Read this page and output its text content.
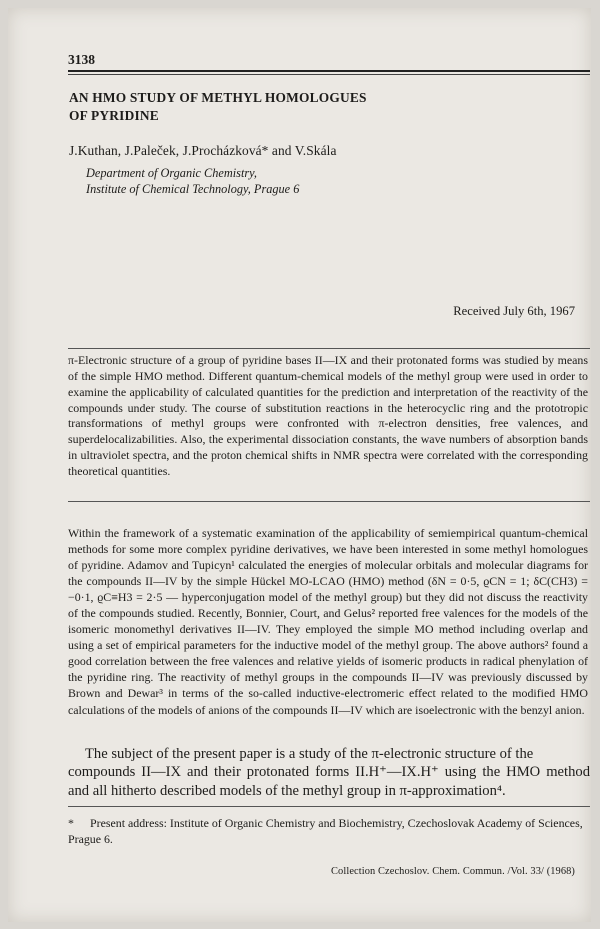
3138
AN HMO STUDY OF METHYL HOMOLOGUES
OF PYRIDINE
J.Kuthan, J.Paleček, J.Procházková* and V.Skála
Department of Organic Chemistry,
Institute of Chemical Technology, Prague 6
Received July 6th, 1967

π-Electronic structure of a group of pyridine bases II—IX and their protonated forms was studied by means of the simple HMO method. Different quantum-chemical models of the methyl group were used in order to examine the applicability of calculated quantities for the prediction and interpretation of the reactivity of the compounds under study. The course of substitution reactions in the heterocyclic ring and the prototropic transformations of methyl groups were confronted with π-electron densities, free valences, and superdelocalizabilities. Also, the experimental dissociation constants, the wave numbers of absorption bands in ultraviolet spectra, and the proton chemical shifts in NMR spectra were correlated with the corresponding theoretical quantities.

Within the framework of a systematic examination of the applicability of semiempirical quantum-chemical methods for some more complex pyridine derivatives, we have been interested in some methyl homologues of pyridine. Adamov and Tupicyn¹ calculated the energies of molecular orbitals and molecular diagrams for the compounds II—IV by the simple Hückel MO-LCAO (HMO) method (δN = 0·5, ϱCN = 1; δC(CH3) = −0·1, ϱC≡H3 = 2·5 — hyperconjugation model of the methyl group) but they did not discuss the reactivity of the compounds studied. Recently, Bonnier, Court, and Gelus² reported free valences for the models of the isomeric monomethyl derivatives II—IV. They employed the simple MO method including overlap and using a set of empirical parameters for the inductive model of the methyl group. The above authors² found a good correlation between the free valences and relative yields of isomeric products in radical phenylation of the pyridine ring. The reactivity of methyl groups in the compounds II—IV was previously discussed by Brown and Dewar³ in terms of the so-called inductive-electromeric effect related to the modified HMO calculations of the models of anions of the compounds II—IV which are isoelectronic with the benzyl anion.

The subject of the present paper is a study of the π-electronic structure of the
compounds II—IX and their protonated forms II.H⁺—IX.H⁺ using the HMO method and all hitherto described models of the methyl group in π-approximation⁴.

* Present address: Institute of Organic Chemistry and Biochemistry, Czechoslovak Academy of Sciences, Prague 6.
Collection Czechoslov. Chem. Commun. /Vol. 33/ (1968)
